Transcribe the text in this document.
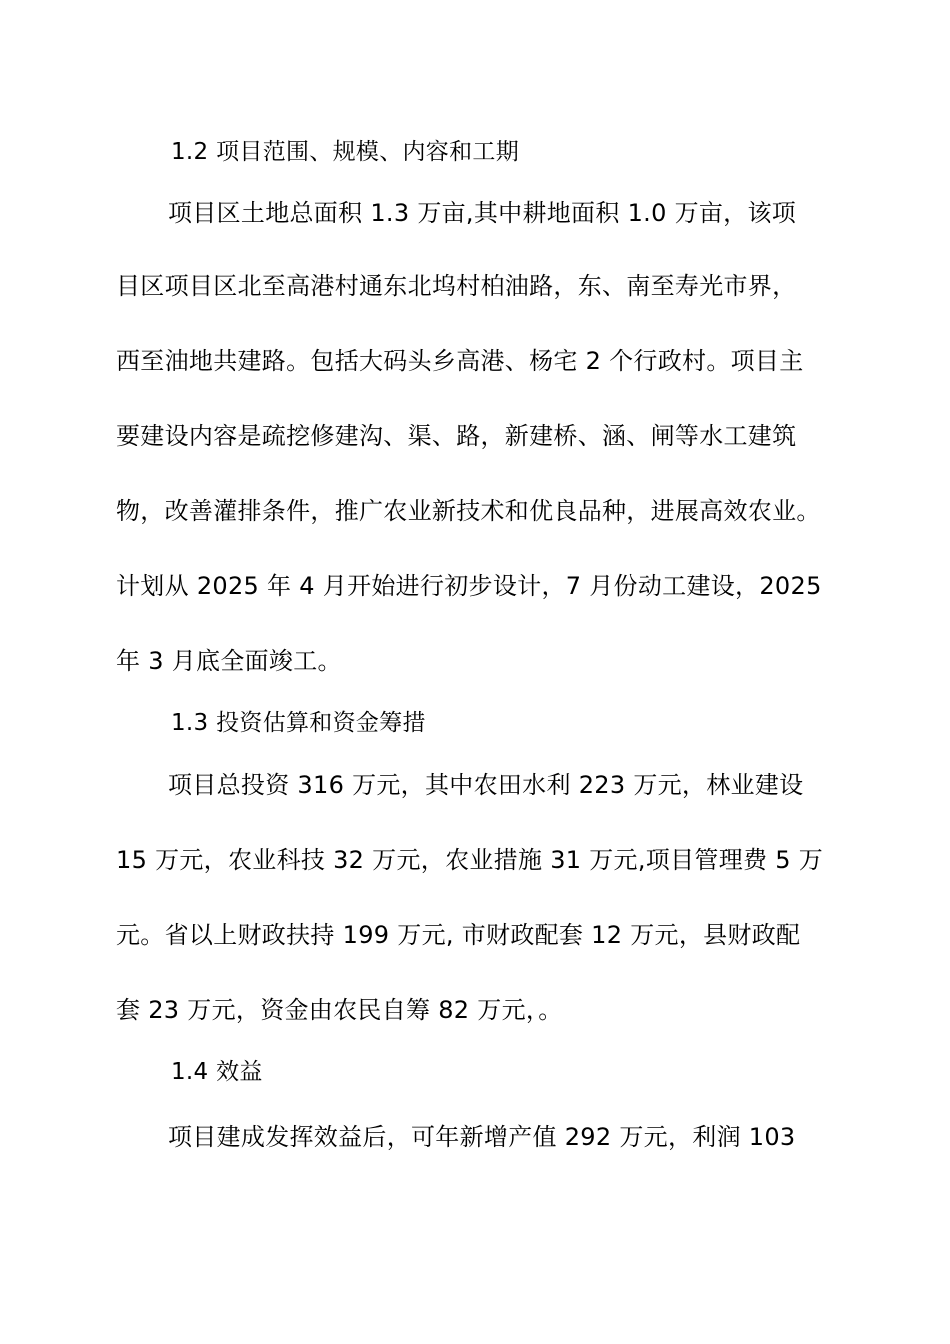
1.2 项目范围、规模、内容和工期
项目区土地总面积 1.3 万亩,其中耕地面积 1.0 万亩，该项
目区项目区北至高港村通东北坞村柏油路，东、南至寿光市界，
西至油地共建路。包括大码头乡高港、杨宅 2 个行政村。项目主
要建设内容是疏挖修建沟、渠、路，新建桥、涵、闸等水工建筑
物，改善灌排条件，推广农业新技术和优良品种，进展高效农业。
计划从 2025 年 4 月开始进行初步设计，7 月份动工建设，2025
年 3 月底全面竣工。
1.3 投资估算和资金筹措
项目总投资 316 万元，其中农田水利 223 万元，林业建设
15 万元，农业科技 32 万元，农业措施 31 万元,项目管理费 5 万
元。省以上财政扶持 199 万元, 市财政配套 12 万元，县财政配
套 23 万元，资金由农民自筹 82 万元，。
1.4 效益
项目建成发挥效益后，可年新增产值 292 万元，利润 103
